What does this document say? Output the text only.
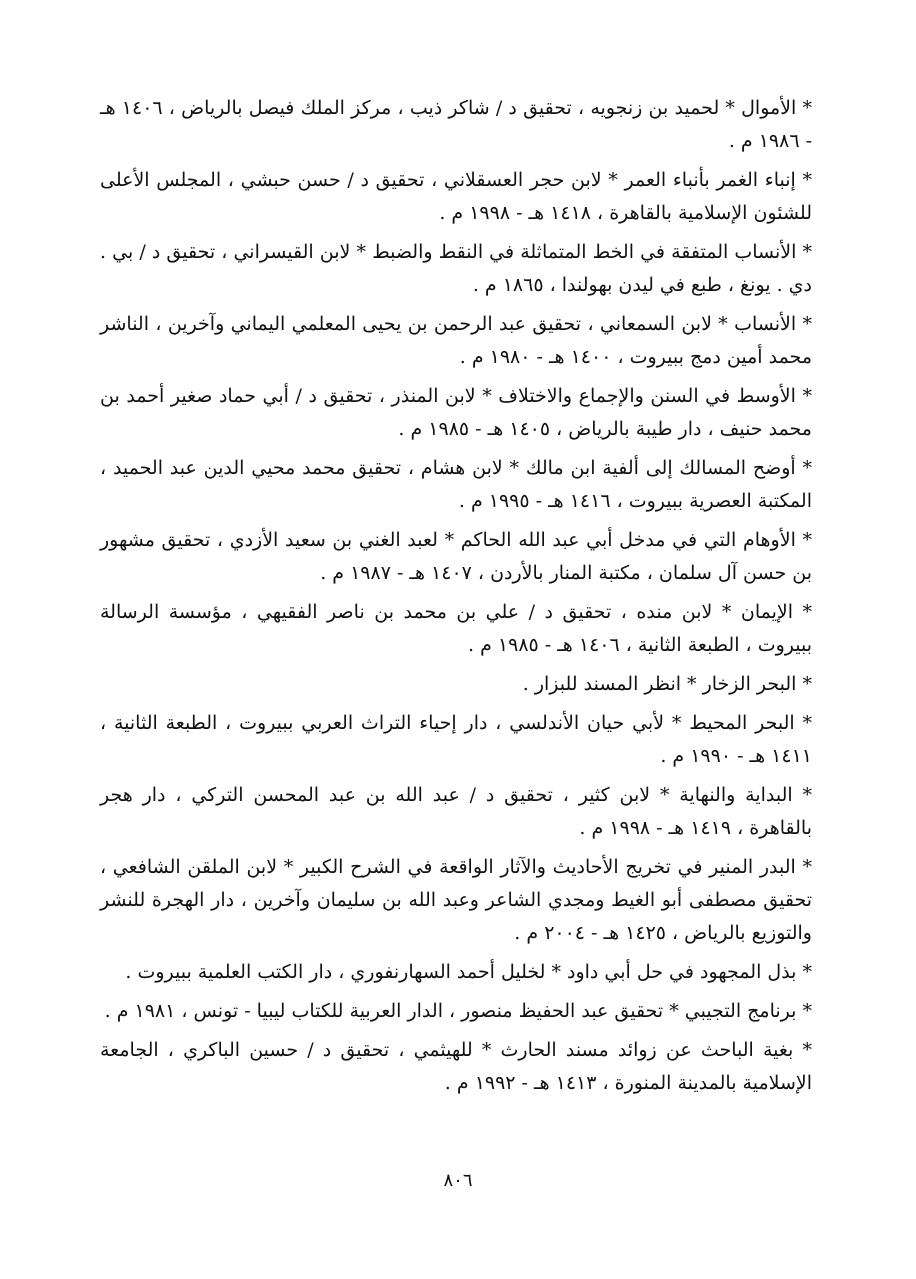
* الأموال * لحميد بن زنجويه ، تحقيق د / شاكر ذيب ، مركز الملك فيصل بالرياض ، ١٤٠٦ هـ - ١٩٨٦ م .

* إنباء الغمر بأنباء العمر * لابن حجر العسقلاني ، تحقيق د / حسن حبشي ، المجلس الأعلى للشئون الإسلامية بالقاهرة ، ١٤١٨ هـ - ١٩٩٨ م .

* الأنساب المتفقة في الخط المتماثلة في النقط والضبط * لابن القيسراني ، تحقيق د / بي . دي . يونغ ، طبع في ليدن بهولندا ، ١٨٦٥ م .

* الأنساب * لابن السمعاني ، تحقيق عبد الرحمن بن يحيى المعلمي اليماني وآخرين ، الناشر محمد أمين دمج ببيروت ، ١٤٠٠ هـ - ١٩٨٠ م .

* الأوسط في السنن والإجماع والاختلاف * لابن المنذر ، تحقيق د / أبي حماد صغير أحمد بن محمد حنيف ، دار طيبة بالرياض ، ١٤٠٥ هـ - ١٩٨٥ م .

* أوضح المسالك إلى ألفية ابن مالك * لابن هشام ، تحقيق محمد محيي الدين عبد الحميد ، المكتبة العصرية ببيروت ، ١٤١٦ هـ - ١٩٩٥ م .

* الأوهام التي في مدخل أبي عبد الله الحاكم * لعبد الغني بن سعيد الأزدي ، تحقيق مشهور بن حسن آل سلمان ، مكتبة المنار بالأردن ، ١٤٠٧ هـ - ١٩٨٧ م .

* الإيمان * لابن منده ، تحقيق د / علي بن محمد بن ناصر الفقيهي ، مؤسسة الرسالة ببيروت ، الطبعة الثانية ، ١٤٠٦ هـ - ١٩٨٥ م .

* البحر الزخار * انظر المسند للبزار .

* البحر المحيط * لأبي حيان الأندلسي ، دار إحياء التراث العربي ببيروت ، الطبعة الثانية ، ١٤١١ هـ - ١٩٩٠ م .

* البداية والنهاية * لابن كثير ، تحقيق د / عبد الله بن عبد المحسن التركي ، دار هجر بالقاهرة ، ١٤١٩ هـ - ١٩٩٨ م .

* البدر المنير في تخريج الأحاديث والآثار الواقعة في الشرح الكبير * لابن الملقن الشافعي ، تحقيق مصطفى أبو الغيط ومجدي الشاعر وعبد الله بن سليمان وآخرين ، دار الهجرة للنشر والتوزيع بالرياض ، ١٤٢٥ هـ - ٢٠٠٤ م .

* بذل المجهود في حل أبي داود * لخليل أحمد السهارنفوري ، دار الكتب العلمية ببيروت .

* برنامج التجيبي * تحقيق عبد الحفيظ منصور ، الدار العربية للكتاب ليبيا - تونس ، ١٩٨١ م .

* بغية الباحث عن زوائد مسند الحارث * للهيثمي ، تحقيق د / حسين الباكري ، الجامعة الإسلامية بالمدينة المنورة ، ١٤١٣ هـ - ١٩٩٢ م .

٨٠٦
